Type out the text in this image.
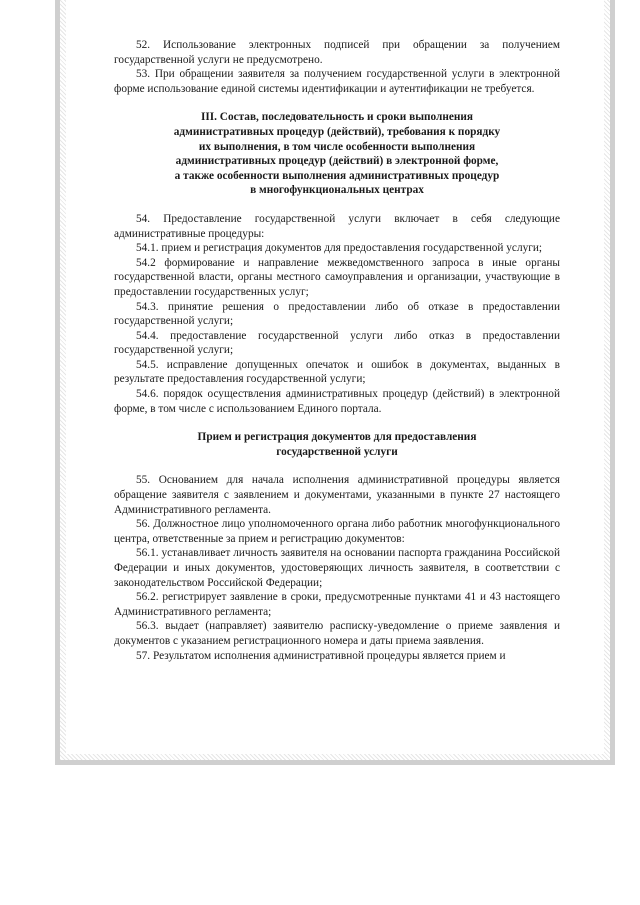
52. Использование электронных подписей при обращении за получением государственной услуги не предусмотрено.

53. При обращении заявителя за получением государственной услуги в электронной форме использование единой системы идентификации и аутентификации не требуется.

III. Состав, последовательность и сроки выполнения
административных процедур (действий), требования к порядку
их выполнения, в том числе особенности выполнения
административных процедур (действий) в электронной форме,
а также особенности выполнения административных процедур
в многофункциональных центрах

54. Предоставление государственной услуги включает в себя следующие административные процедуры:

54.1. прием и регистрация документов для предоставления государственной услуги;

54.2 формирование и направление межведомственного запроса в иные органы государственной власти, органы местного самоуправления и организации, участвующие в предоставлении государственных услуг;

54.3. принятие решения о предоставлении либо об отказе в предоставлении государственной услуги;

54.4. предоставление государственной услуги либо отказ в предоставлении государственной услуги;

54.5. исправление допущенных опечаток и ошибок в документах, выданных в результате предоставления государственной услуги;

54.6. порядок осуществления административных процедур (действий) в электронной форме, в том числе с использованием Единого портала.

Прием и регистрация документов для предоставления
государственной услуги

55. Основанием для начала исполнения административной процедуры является обращение заявителя с заявлением и документами, указанными в пункте 27 настоящего Административного регламента.

56. Должностное лицо уполномоченного органа либо работник многофункционального центра, ответственные за прием и регистрацию документов:

56.1. устанавливает личность заявителя на основании паспорта гражданина Российской Федерации и иных документов, удостоверяющих личность заявителя, в соответствии с законодательством Российской Федерации;

56.2. регистрирует заявление в сроки, предусмотренные пунктами 41 и 43 настоящего Административного регламента;

56.3. выдает (направляет) заявителю расписку-уведомление о приеме заявления и документов с указанием регистрационного номера и даты приема заявления.

57. Результатом исполнения административной процедуры является прием и
